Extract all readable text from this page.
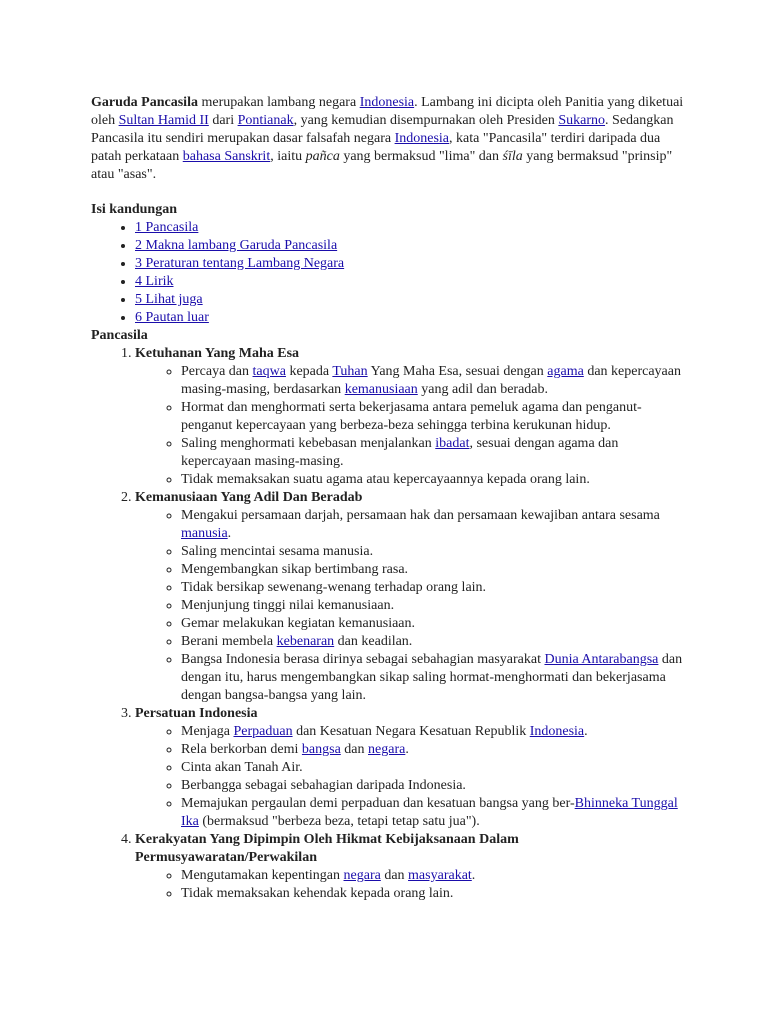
Garuda Pancasila merupakan lambang negara Indonesia. Lambang ini dicipta oleh Panitia yang diketuai oleh Sultan Hamid II dari Pontianak, yang kemudian disempurnakan oleh Presiden Sukarno. Sedangkan Pancasila itu sendiri merupakan dasar falsafah negara Indonesia, kata "Pancasila" terdiri daripada dua patah perkataan bahasa Sanskrit, iaitu pañca yang bermaksud "lima" dan śīla yang bermaksud "prinsip" atau "asas".

Isi kandungan

• 1 Pancasila
• 2 Makna lambang Garuda Pancasila
• 3 Peraturan tentang Lambang Negara
• 4 Lirik
• 5 Lihat juga
• 6 Pautan luar

Pancasila

1. Ketuhanan Yang Maha Esa
◦ Percaya dan taqwa kepada Tuhan Yang Maha Esa, sesuai dengan agama dan kepercayaan masing-masing, berdasarkan kemanusiaan yang adil dan beradab.
◦ Hormat dan menghormati serta bekerjasama antara pemeluk agama dan penganut-penganut kepercayaan yang berbeza-beza sehingga terbina kerukunan hidup.
◦ Saling menghormati kebebasan menjalankan ibadat, sesuai dengan agama dan kepercayaan masing-masing.
◦ Tidak memaksakan suatu agama atau kepercayaannya kepada orang lain.
2. Kemanusiaan Yang Adil Dan Beradab
◦ Mengakui persamaan darjah, persamaan hak dan persamaan kewajiban antara sesama manusia.
◦ Saling mencintai sesama manusia.
◦ Mengembangkan sikap bertimbang rasa.
◦ Tidak bersikap sewenang-wenang terhadap orang lain.
◦ Menjunjung tinggi nilai kemanusiaan.
◦ Gemar melakukan kegiatan kemanusiaan.
◦ Berani membela kebenaran dan keadilan.
◦ Bangsa Indonesia berasa dirinya sebagai sebahagian masyarakat Dunia Antarabangsa dan dengan itu, harus mengembangkan sikap saling hormat-menghormati dan bekerjasama dengan bangsa-bangsa yang lain.
3. Persatuan Indonesia
◦ Menjaga Perpaduan dan Kesatuan Negara Kesatuan Republik Indonesia.
◦ Rela berkorban demi bangsa dan negara.
◦ Cinta akan Tanah Air.
◦ Berbangga sebagai sebahagian daripada Indonesia.
◦ Memajukan pergaulan demi perpaduan dan kesatuan bangsa yang ber-Bhinneka Tunggal Ika (bermaksud "berbeza beza, tetapi tetap satu jua").
4. Kerakyatan Yang Dipimpin Oleh Hikmat Kebijaksanaan Dalam Permusyawaratan/Perwakilan
◦ Mengutamakan kepentingan negara dan masyarakat.
◦ Tidak memaksakan kehendak kepada orang lain.
